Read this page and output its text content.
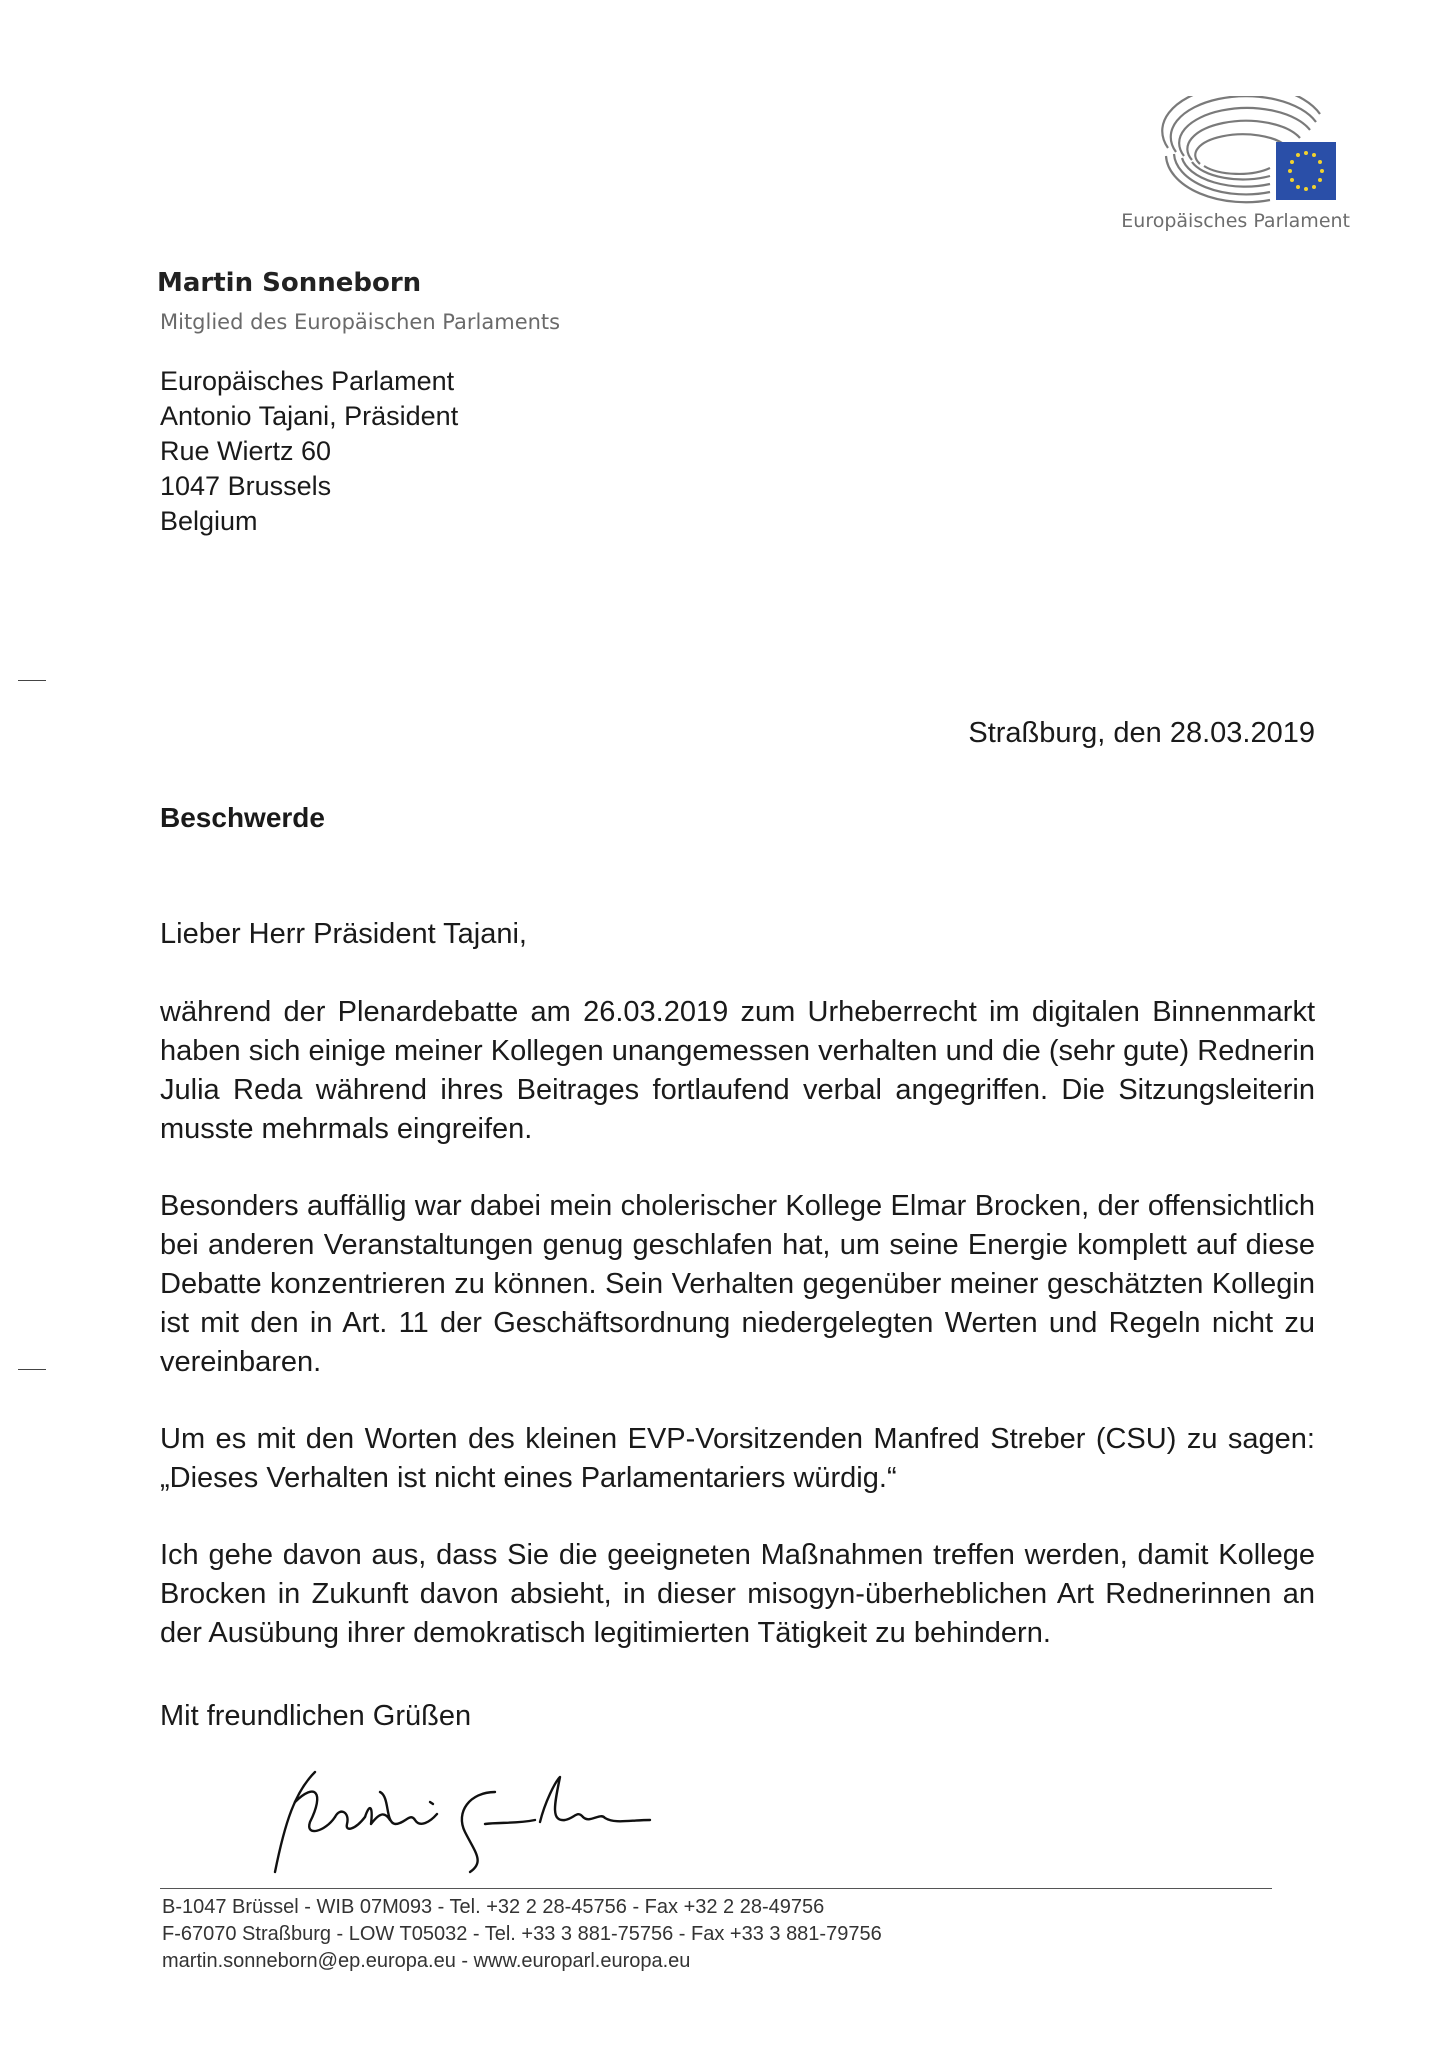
Europäisches Parlament
Martin Sonneborn
Mitglied des Europäischen Parlaments
Europäisches Parlament
Antonio Tajani, Präsident
Rue Wiertz 60
1047 Brussels
Belgium
Straßburg, den 28.03.2019
Beschwerde
Lieber Herr Präsident Tajani,

während der Plenardebatte am 26.03.2019 zum Urheberrecht im digitalen Binnenmarkt haben sich einige meiner Kollegen unangemessen verhalten und die (sehr gute) Rednerin Julia Reda während ihres Beitrages fortlaufend verbal angegriffen. Die Sitzungsleiterin musste mehrmals eingreifen.

Besonders auffällig war dabei mein cholerischer Kollege Elmar Brocken, der offensichtlich bei anderen Veranstaltungen genug geschlafen hat, um seine Energie komplett auf diese Debatte konzentrieren zu können. Sein Verhalten gegenüber meiner geschätzten Kollegin ist mit den in Art. 11 der Geschäftsordnung niedergelegten Werten und Regeln nicht zu vereinbaren.

Um es mit den Worten des kleinen EVP-Vorsitzenden Manfred Streber (CSU) zu sagen: „Dieses Verhalten ist nicht eines Parlamentariers würdig.“

Ich gehe davon aus, dass Sie die geeigneten Maßnahmen treffen werden, damit Kollege Brocken in Zukunft davon absieht, in dieser misogyn-überheblichen Art Rednerinnen an der Ausübung ihrer demokratisch legitimierten Tätigkeit zu behindern.

Mit freundlichen Grüßen
B-1047 Brüssel - WIB 07M093 - Tel. +32 2 28-45756 - Fax +32 2 28-49756
F-67070 Straßburg - LOW T05032 - Tel. +33 3 881-75756 - Fax +33 3 881-79756
martin.sonneborn@ep.europa.eu - www.europarl.europa.eu
